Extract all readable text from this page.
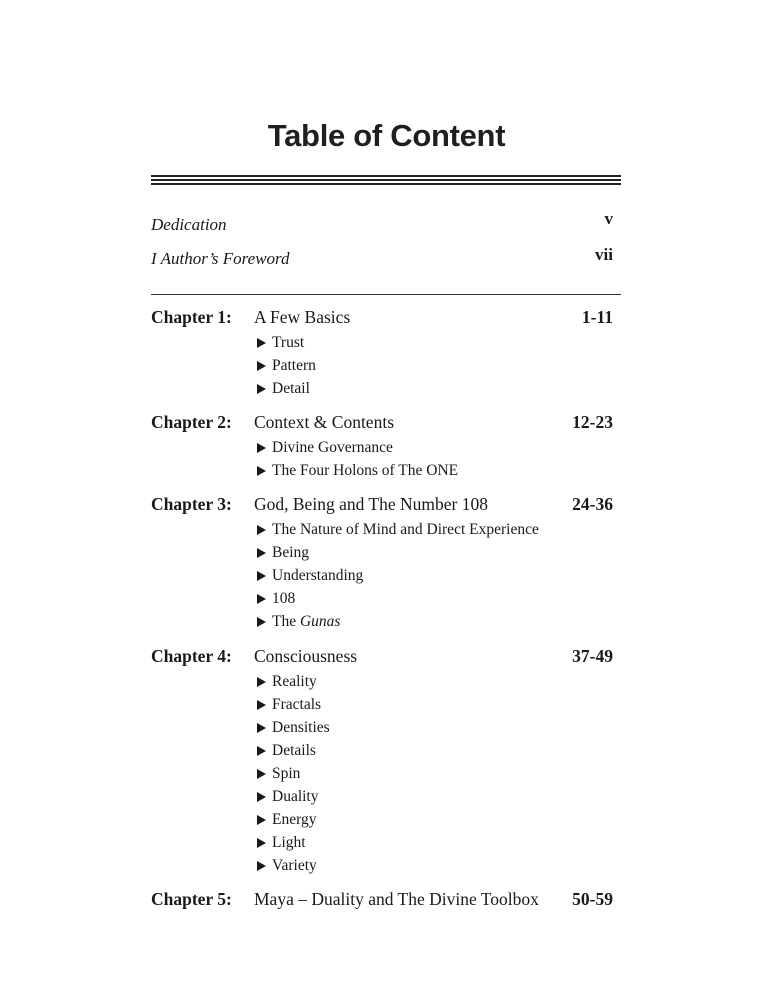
Table of Content
Dedication	v
I Author’s Foreword	vii
Chapter 1: A Few Basics	1-11
Trust
Pattern
Detail
Chapter 2: Context & Contents	12-23
Divine Governance
The Four Holons of The ONE
Chapter 3: God, Being and The Number 108	24-36
The Nature of Mind and Direct Experience
Being
Understanding
108
The Gunas
Chapter 4: Consciousness	37-49
Reality
Fractals
Densities
Details
Spin
Duality
Energy
Light
Variety
Chapter 5: Maya – Duality and The Divine Toolbox 50-59
